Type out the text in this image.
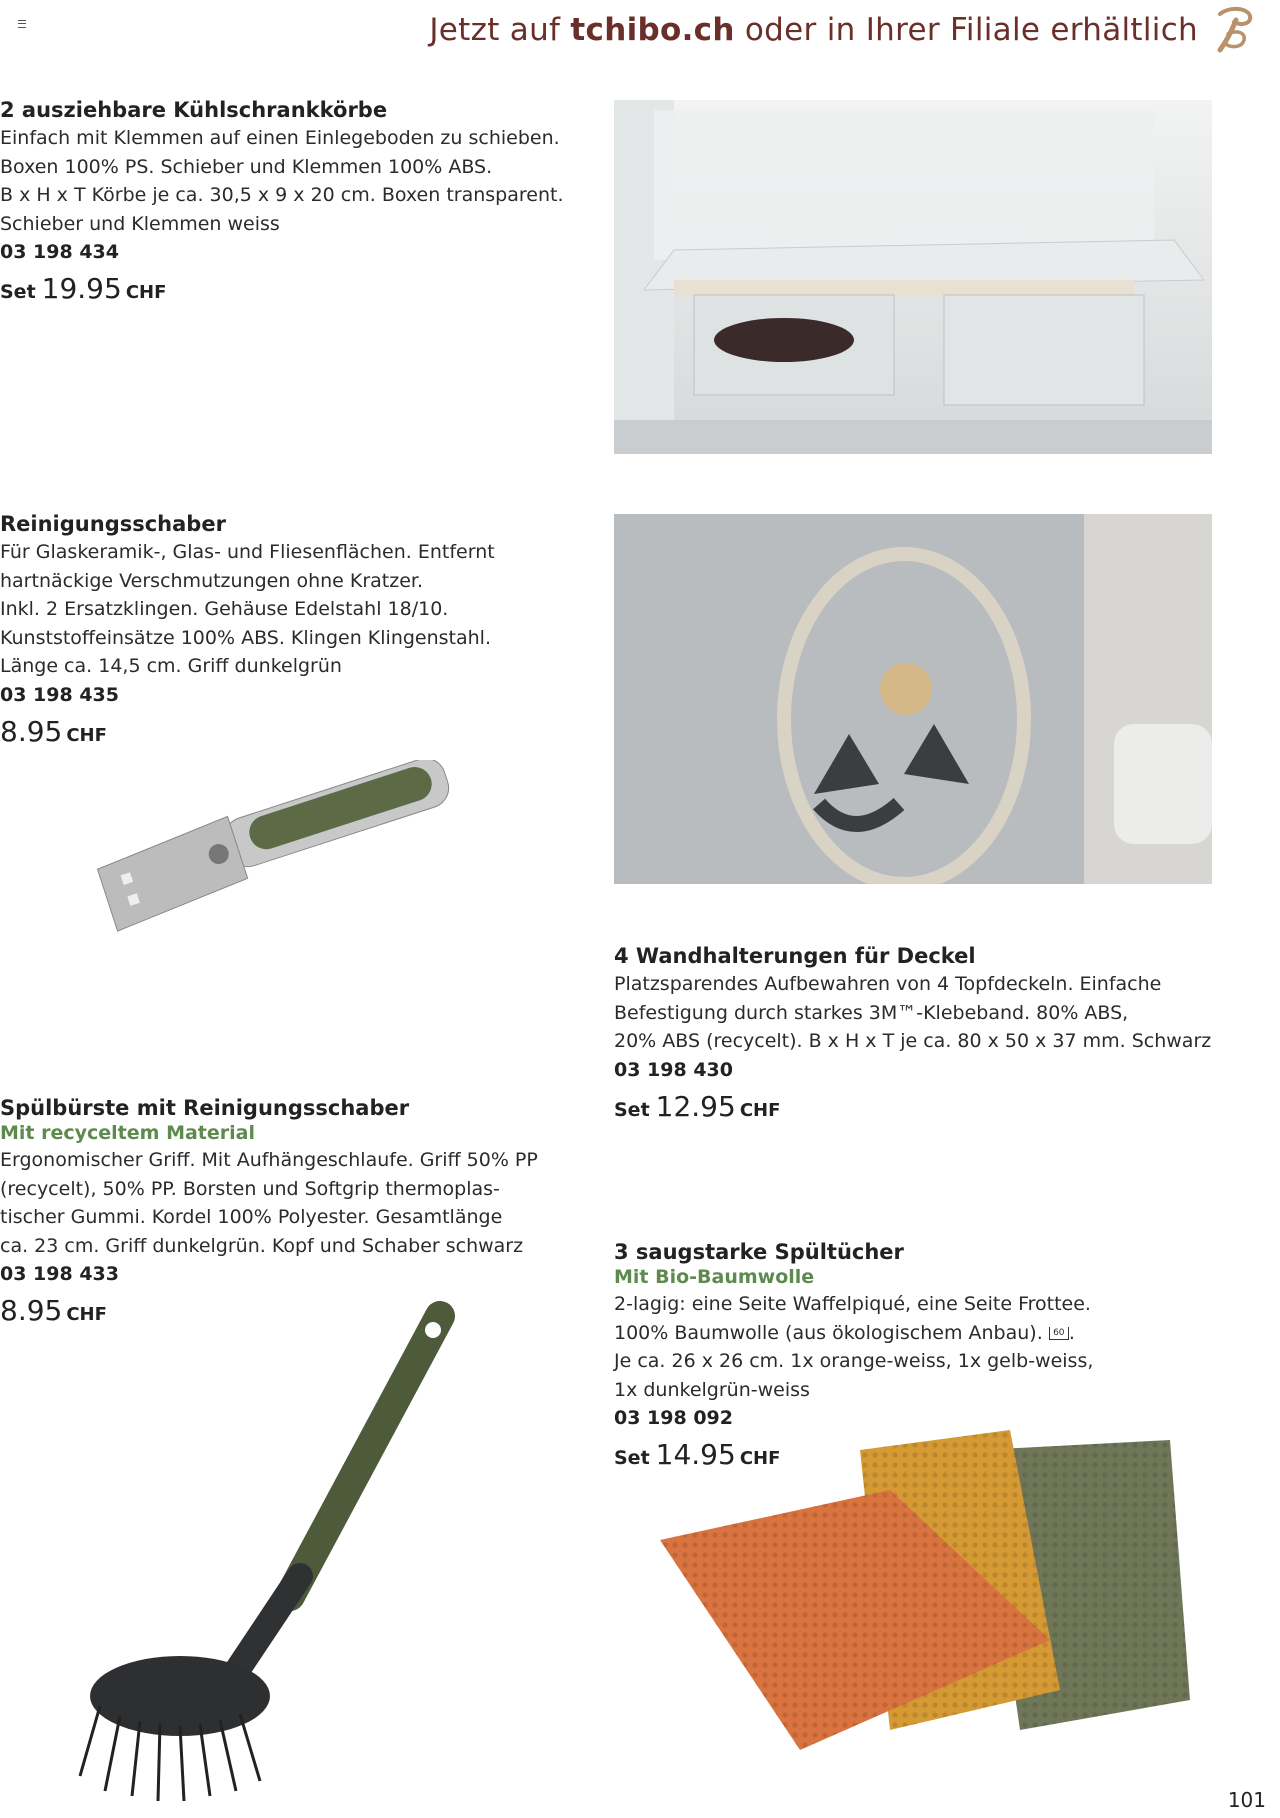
Jetzt auf tchibo.ch oder in Ihrer Filiale erhältlich
2 ausziehbare Kühlschrankkörbe

Einfach mit Klemmen auf einen Einlegeboden zu schieben.

Boxen 100% PS. Schieber und Klemmen 100% ABS.

B x H x T Körbe je ca. 30,5 x 9 x 20 cm. Boxen transparent.

Schieber und Klemmen weiss

03 198 434
Set 19.95 CHF
Reinigungsschaber

Für Glaskeramik-, Glas- und Fliesenflächen. Entfernt

hartnäckige Verschmutzungen ohne Kratzer.

Inkl. 2 Ersatzklingen. Gehäuse Edelstahl 18/10.

Kunststoffeinsätze 100% ABS. Klingen Klingenstahl.

Länge ca. 14,5 cm. Griff dunkelgrün

03 198 435
8.95 CHF
4 Wandhalterungen für Deckel

Platzsparendes Aufbewahren von 4 Topfdeckeln. Einfache

Befestigung durch starkes 3M™-Klebeband. 80% ABS,

20% ABS (recycelt). B x H x T je ca. 80 x 50 x 37 mm. Schwarz

03 198 430
Set 12.95 CHF
Spülbürste mit Reinigungsschaber
Mit recyceltem Material

Ergonomischer Griff. Mit Aufhängeschlaufe. Griff 50% PP

(recycelt), 50% PP. Borsten und Softgrip thermoplas-

tischer Gummi. Kordel 100% Polyester. Gesamtlänge

ca. 23 cm. Griff dunkelgrün. Kopf und Schaber schwarz

03 198 433
8.95 CHF
3 saugstarke Spültücher
Mit Bio-Baumwolle

2-lagig: eine Seite Waffelpiqué, eine Seite Frottee.

100% Baumwolle (aus ökologischem Anbau). 60 .

Je ca. 26 x 26 cm. 1x orange-weiss, 1x gelb-weiss,

1x dunkelgrün-weiss

03 198 092
Set 14.95 CHF
101
